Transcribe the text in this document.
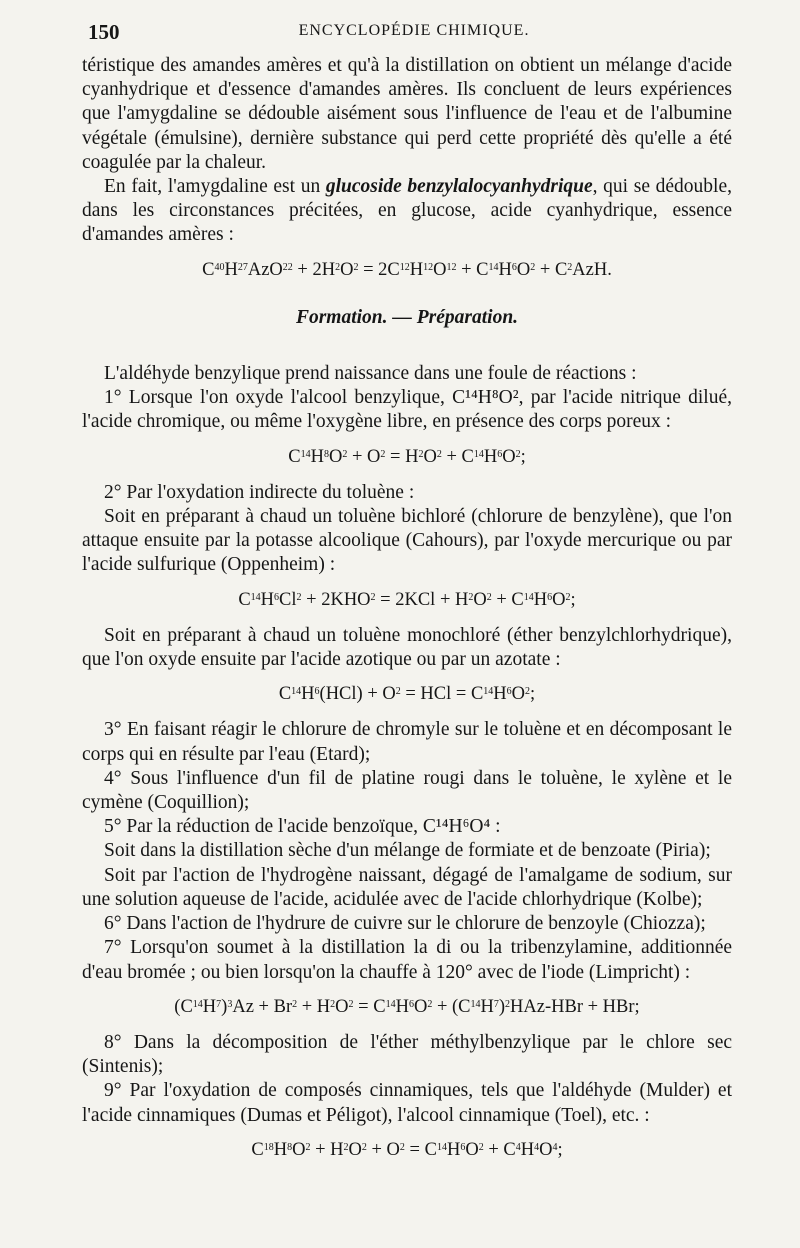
150	ENCYCLOPÉDIE CHIMIQUE.

téristique des amandes amères et qu'à la distillation on obtient un mélange d'acide cyanhydrique et d'essence d'amandes amères. Ils concluent de leurs expériences que l'amygdaline se dédouble aisément sous l'influence de l'eau et de l'albumine végétale (émulsine), dernière substance qui perd cette propriété dès qu'elle a été coagulée par la chaleur.

En fait, l'amygdaline est un glucoside benzylalocyanhydrique, qui se dédouble, dans les circonstances précitées, en glucose, acide cyanhydrique, essence d'amandes amères :

$C^{40}H^{27}AzO^{22} + 2H^2O^2 = 2C^{12}H^{12}O^{12} + C^{14}H^6O^2 + C^2AzH$.
Formation. — Préparation.

L'aldéhyde benzylique prend naissance dans une foule de réactions :

1° Lorsque l'on oxyde l'alcool benzylique, C¹⁴H⁸O², par l'acide nitrique dilué, l'acide chromique, ou même l'oxygène libre, en présence des corps poreux :

$C^{14}H^8O^2 + O^2 = H^2O^2 + C^{14}H^6O^2$;

2° Par l'oxydation indirecte du toluène :

Soit en préparant à chaud un toluène bichloré (chlorure de benzylène), que l'on attaque ensuite par la potasse alcoolique (Cahours), par l'oxyde mercurique ou par l'acide sulfurique (Oppenheim) :

$C^{14}H^6Cl^2 + 2KHO^2 = 2KCl + H^2O^2 + C^{14}H^6O^2$;

Soit en préparant à chaud un toluène monochloré (éther benzylchlorhydrique), que l'on oxyde ensuite par l'acide azotique ou par un azotate :

$C^{14}H^6(HCl) + O^2$ = HCl = $C^{14}H^6O^2$;

3° En faisant réagir le chlorure de chromyle sur le toluène et en décomposant le corps qui en résulte par l'eau (Etard);

4° Sous l'influence d'un fil de platine rougi dans le toluène, le xylène et le cymène (Coquillion);

5° Par la réduction de l'acide benzoïque, C¹⁴H⁶O⁴ :

Soit dans la distillation sèche d'un mélange de formiate et de benzoate (Piria);

Soit par l'action de l'hydrogène naissant, dégagé de l'amalgame de sodium, sur une solution aqueuse de l'acide, acidulée avec de l'acide chlorhydrique (Kolbe);

6° Dans l'action de l'hydrure de cuivre sur le chlorure de benzoyle (Chiozza);

7° Lorsqu'on soumet à la distillation la di ou la tribenzylamine, additionnée d'eau bromée ; ou bien lorsqu'on la chauffe à 120° avec de l'iode (Limpricht) :

$(C^{14}H^7)^3Az + Br^2 + H^2O^2 = C^{14}H^6O^2 + (C^{14}H^7)^2HAz-HBr$ + HBr;

8° Dans la décomposition de l'éther méthylbenzylique par le chlore sec (Sintenis);

9° Par l'oxydation de composés cinnamiques, tels que l'aldéhyde (Mulder) et l'acide cinnamiques (Dumas et Péligot), l'alcool cinnamique (Toel), etc. :

$C^{18}H^8O^2 + H^2O^2 + O^2 = C^{14}H^6O^2 + C^4H^4O^4$;
